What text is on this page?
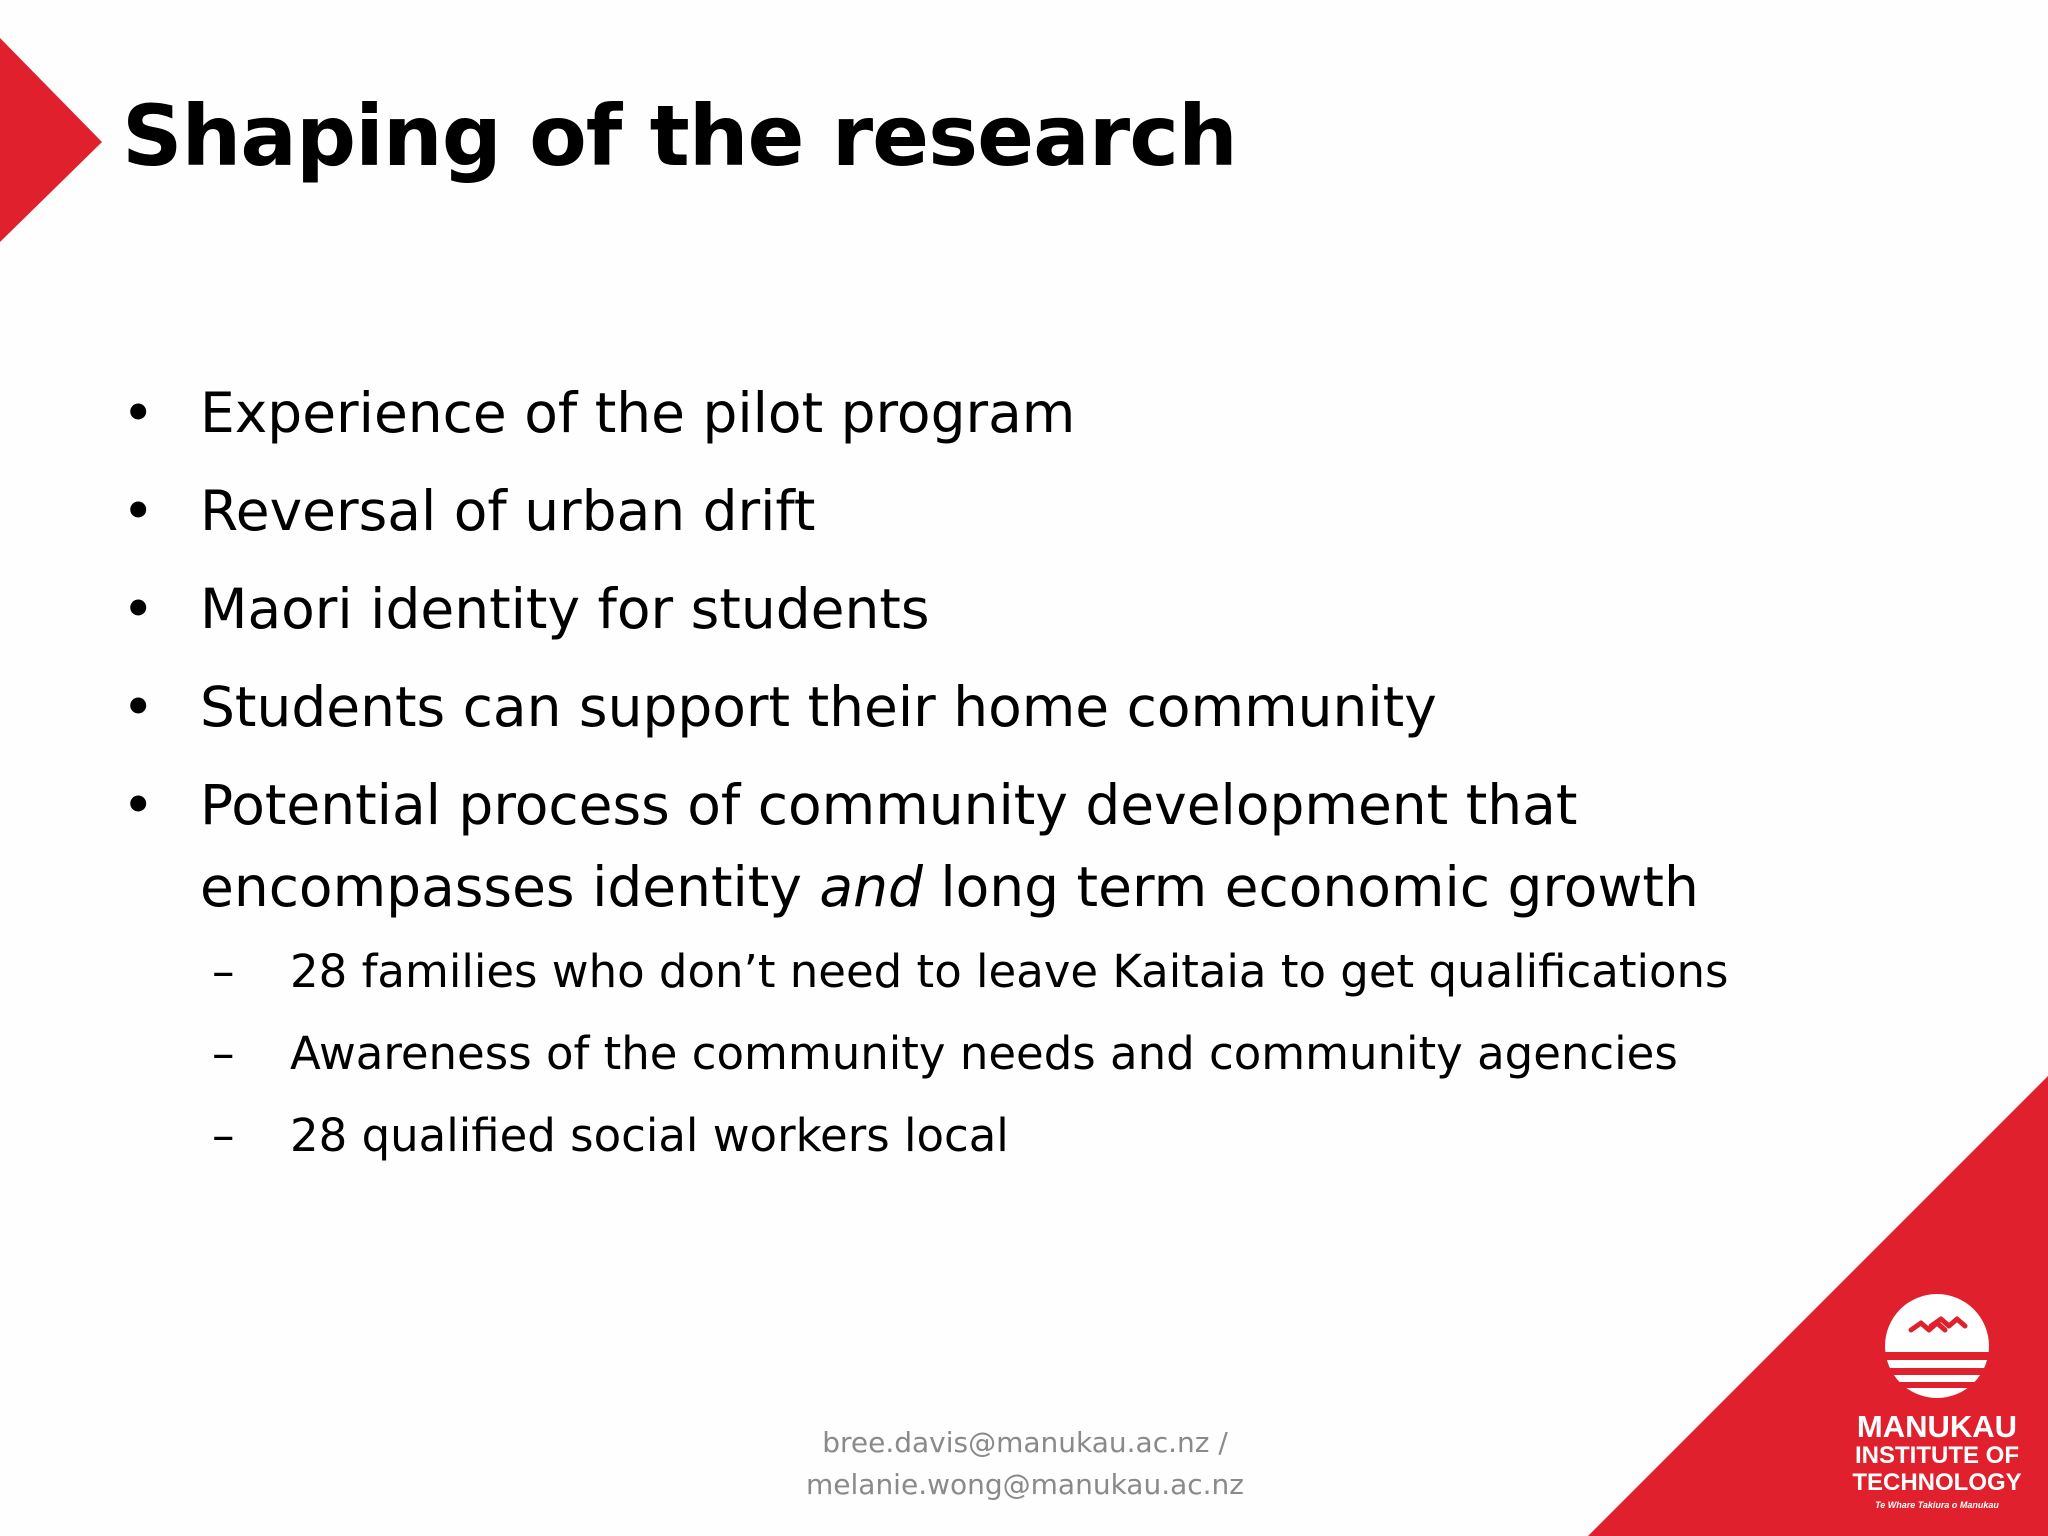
Shaping of the research
• Experience of the pilot program
• Reversal of urban drift
• Maori identity for students
• Students can support their home community
• Potential process of community development that
encompasses identity and long term economic growth
–	28 families who don’t need to leave Kaitaia to get qualifications
–	Awareness of the community needs and community agencies
–	28 qualified social workers local
bree.davis@manukau.ac.nz /
melanie.wong@manukau.ac.nz
MANUKAU
INSTITUTE OF
TECHNOLOGY
Te Whare Takiura o Manukau
